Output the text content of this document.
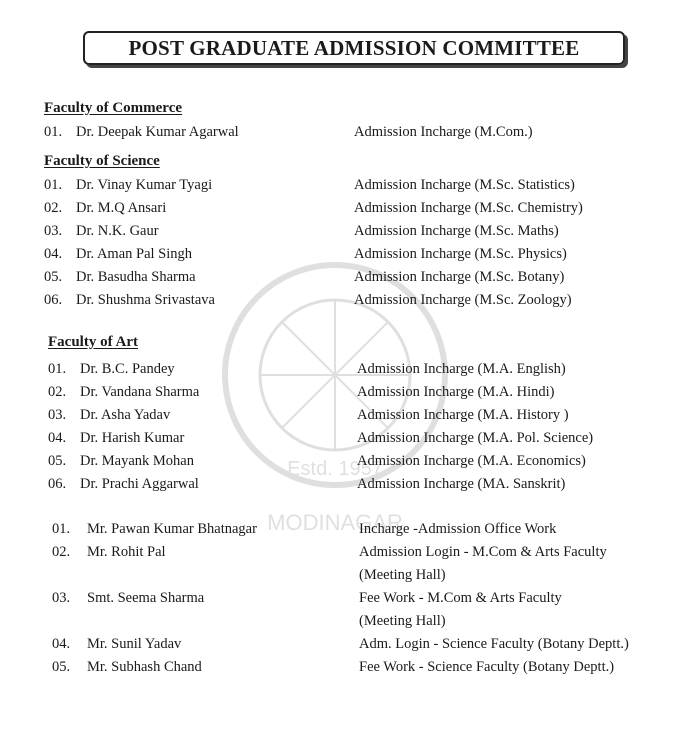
Estd. 1957
MODINAGAR
POST GRADUATE ADMISSION COMMITTEE
Faculty of Commerce
01. Dr. Deepak Kumar Agarwal	Admission Incharge (M.Com.)
Faculty of Science
01. Dr. Vinay Kumar Tyagi	Admission Incharge (M.Sc. Statistics)
02. Dr. M.Q Ansari	Admission Incharge (M.Sc. Chemistry)
03. Dr. N.K. Gaur	Admission Incharge (M.Sc. Maths)
04. Dr. Aman Pal Singh	Admission Incharge (M.Sc. Physics)
05. Dr. Basudha Sharma	Admission Incharge (M.Sc. Botany)
06. Dr. Shushma Srivastava	Admission Incharge (M.Sc. Zoology)
Faculty of Art
01. Dr. B.C. Pandey	Admission Incharge (M.A. English)
02. Dr. Vandana Sharma	Admission Incharge (M.A. Hindi)
03. Dr. Asha Yadav	Admission Incharge (M.A. History )
04. Dr. Harish Kumar	Admission Incharge (M.A. Pol. Science)
05. Dr. Mayank Mohan	Admission Incharge (M.A. Economics)
06. Dr. Prachi Aggarwal	Admission Incharge (MA. Sanskrit)
01. Mr. Pawan Kumar Bhatnagar	Incharge -Admission Office Work
02. Mr. Rohit Pal	Admission Login - M.Com & Arts Faculty
(Meeting Hall)
03. Smt. Seema Sharma	Fee Work - M.Com & Arts Faculty
(Meeting Hall)
04. Mr. Sunil Yadav	Adm. Login - Science Faculty (Botany Deptt.)
05. Mr. Subhash Chand	Fee Work - Science Faculty (Botany Deptt.)
